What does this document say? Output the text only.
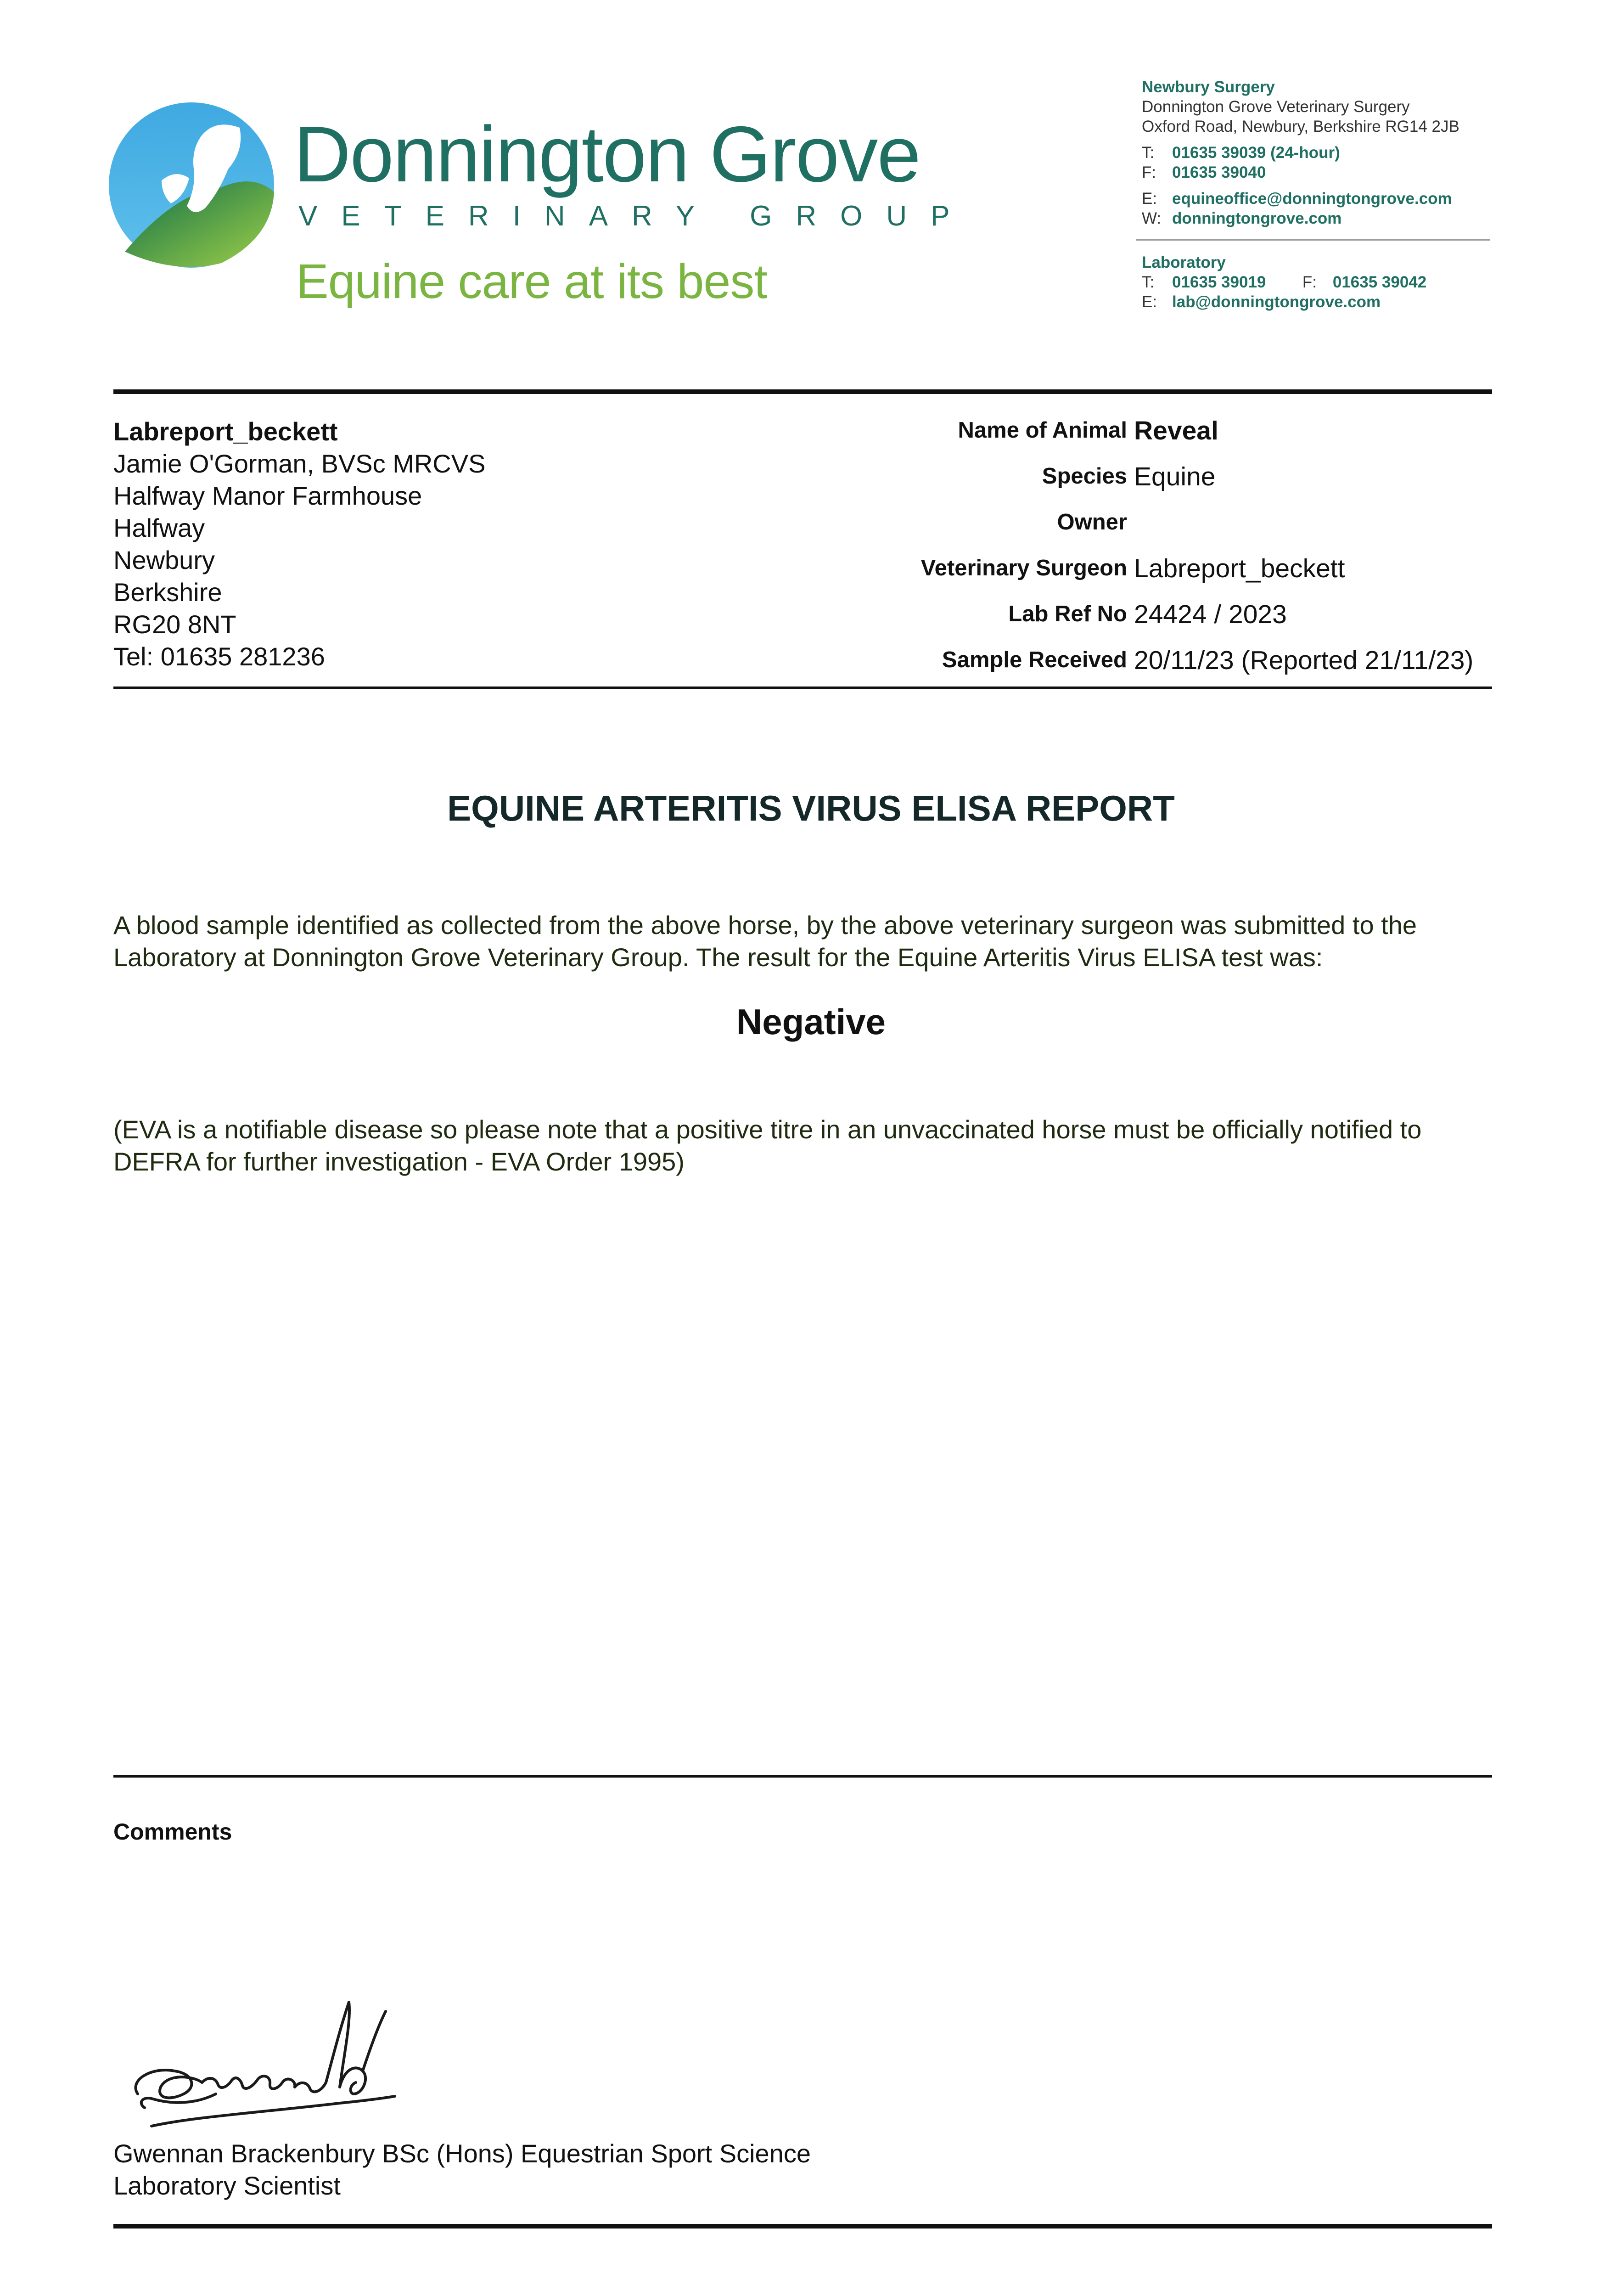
Donnington Grove
VETERINARY GROUP
Equine care at its best
Newbury Surgery
Donnington Grove Veterinary Surgery
Oxford Road, Newbury, Berkshire RG14 2JB
T: 01635 39039 (24-hour)
F: 01635 39040
E: equineoffice@donningtongrove.com
W: donningtongrove.com
Laboratory
T: 01635 39019 F: 01635 39042
E: lab@donningtongrove.com
Labreport_beckett
Jamie O'Gorman, BVSc MRCVS
Halfway Manor Farmhouse
Halfway
Newbury
Berkshire
RG20 8NT
Tel: 01635 281236
Name of Animal Reveal
Species Equine
Owner
Veterinary Surgeon Labreport_beckett
Lab Ref No 24424 / 2023
Sample Received 20/11/23 (Reported 21/11/23)
EQUINE ARTERITIS VIRUS ELISA REPORT
A blood sample identified as collected from the above horse, by the above veterinary surgeon was submitted to the Laboratory at Donnington Grove Veterinary Group. The result for the Equine Arteritis Virus ELISA test was:
Negative
(EVA is a notifiable disease so please note that a positive titre in an unvaccinated horse must be officially notified to DEFRA for further investigation - EVA Order 1995)
Comments
Gwennan Brackenbury BSc (Hons) Equestrian Sport Science
Laboratory Scientist
